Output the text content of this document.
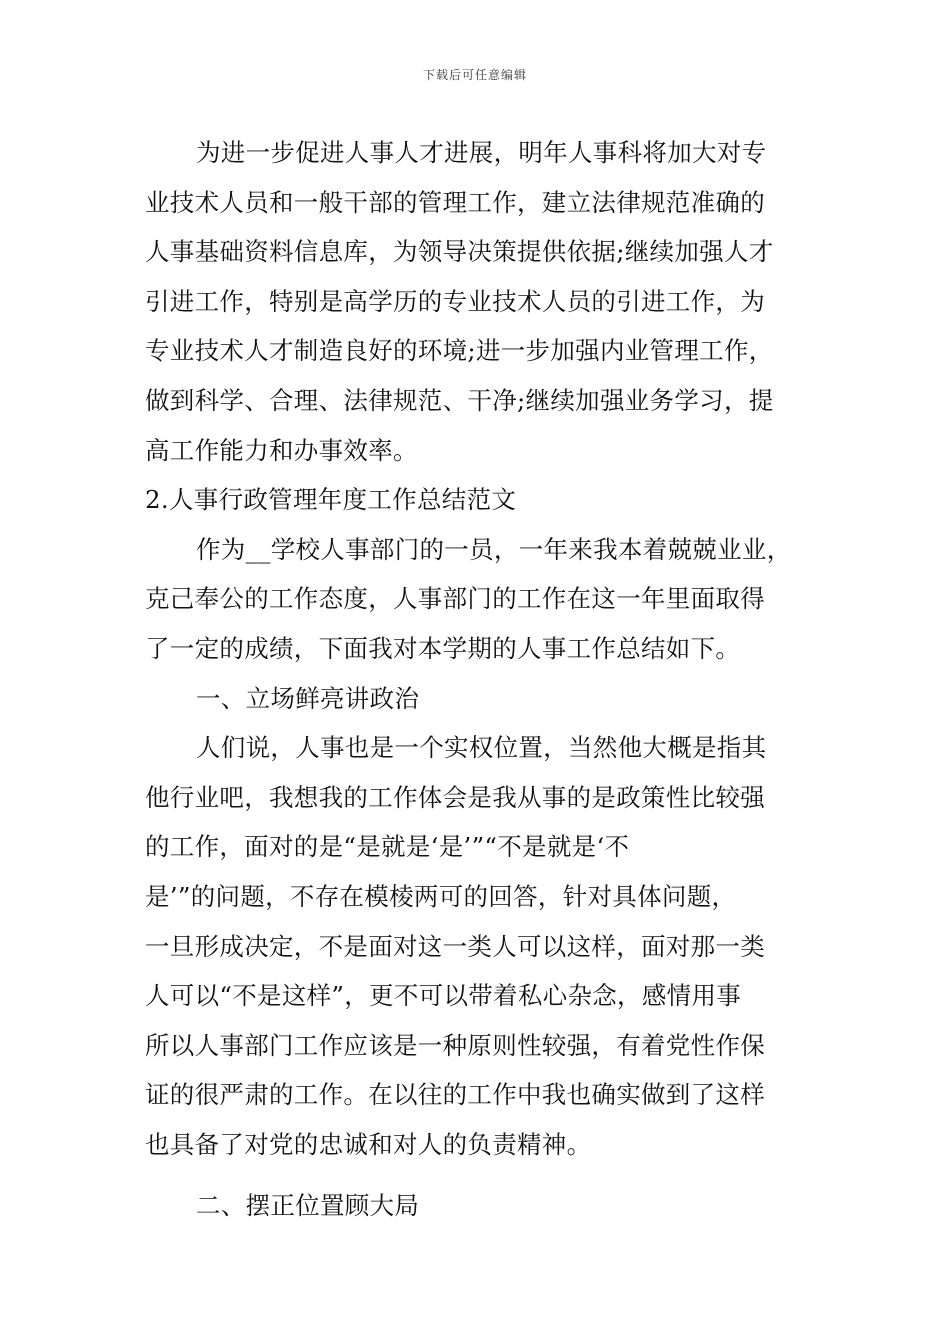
下载后可任意编辑
为进一步促进人事人才进展，明年人事科将加大对专
业技术人员和一般干部的管理工作，建立法律规范准确的
人事基础资料信息库，为领导决策提供依据;继续加强人才
引进工作，特别是高学历的专业技术人员的引进工作，为
专业技术人才制造良好的环境;进一步加强内业管理工作，
做到科学、合理、法律规范、干净;继续加强业务学习，提
高工作能力和办事效率。
2.人事行政管理年度工作总结范文
作为__学校人事部门的一员，一年来我本着兢兢业业，
克己奉公的工作态度，人事部门的工作在这一年里面取得
了一定的成绩，下面我对本学期的人事工作总结如下。
一、立场鲜亮讲政治
人们说，人事也是一个实权位置，当然他大概是指其
他行业吧，我想我的工作体会是我从事的是政策性比较强
的工作，面对的是“是就是‘是’”“不是就是‘不
是’”的问题，不存在模棱两可的回答，针对具体问题，
一旦形成决定，不是面对这一类人可以这样，面对那一类
人可以“不是这样”，更不可以带着私心杂念，感情用事
所以人事部门工作应该是一种原则性较强，有着党性作保
证的很严肃的工作。在以往的工作中我也确实做到了这样
也具备了对党的忠诚和对人的负责精神。
二、摆正位置顾大局
